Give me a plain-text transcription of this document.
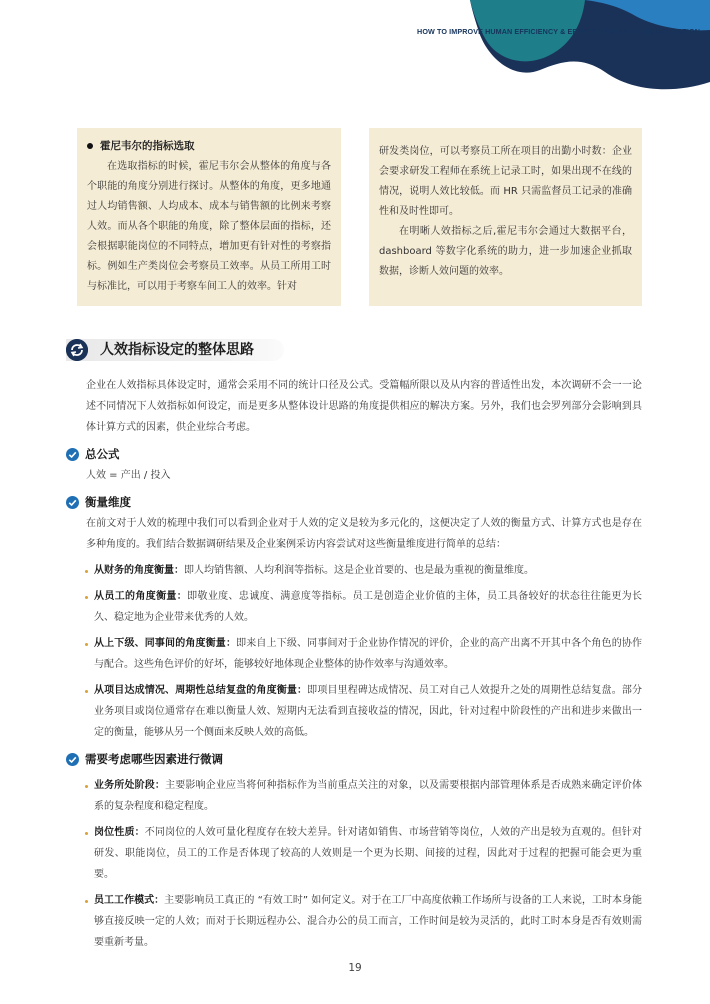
HOW TO IMPROVE HUMAN EFFICIENCY & EFFECTIVENESS BY DIGITALIZATION
霍尼韦尔的指标选取

在选取指标的时候，霍尼韦尔会从整体的角度与各个职能的角度分别进行探讨。从整体的角度，更多地通过人均销售额、人均成本、成本与销售额的比例来考察人效。而从各个职能的角度，除了整体层面的指标，还会根据职能岗位的不同特点，增加更有针对性的考察指标。例如生产类岗位会考察员工效率。从员工所用工时与标准比，可以用于考察车间工人的效率。针对

研发类岗位，可以考察员工所在项目的出勤小时数：企业会要求研发工程师在系统上记录工时，如果出现不在线的情况，说明人效比较低。而 HR 只需监督员工记录的准确性和及时性即可。

在明晰人效指标之后,霍尼韦尔会通过大数据平台，dashboard 等数字化系统的助力，进一步加速企业抓取数据，诊断人效问题的效率。

人效指标设定的整体思路

企业在人效指标具体设定时，通常会采用不同的统计口径及公式。受篇幅所限以及从内容的普适性出发，本次调研不会一一论述不同情况下人效指标如何设定，而是更多从整体设计思路的角度提供相应的解决方案。另外，我们也会罗列部分会影响到具体计算方式的因素，供企业综合考虑。

总公式

人效 = 产出 / 投入

衡量维度

在前文对于人效的梳理中我们可以看到企业对于人效的定义是较为多元化的，这便决定了人效的衡量方式、计算方式也是存在多种角度的。我们结合数据调研结果及企业案例采访内容尝试对这些衡量维度进行简单的总结：

从财务的角度衡量：即人均销售额、人均利润等指标。这是企业首要的、也是最为重视的衡量维度。
从员工的角度衡量：即敬业度、忠诚度、满意度等指标。员工是创造企业价值的主体，员工具备较好的状态往往能更为长久、稳定地为企业带来优秀的人效。
从上下级、同事间的角度衡量：即来自上下级、同事间对于企业协作情况的评价，企业的高产出离不开其中各个角色的协作与配合。这些角色评价的好坏，能够较好地体现企业整体的协作效率与沟通效率。
从项目达成情况、周期性总结复盘的角度衡量：即项目里程碑达成情况、员工对自己人效提升之处的周期性总结复盘。部分业务项目或岗位通常存在难以衡量人效、短期内无法看到直接收益的情况，因此，针对过程中阶段性的产出和进步来做出一定的衡量，能够从另一个侧面来反映人效的高低。
需要考虑哪些因素进行微调
业务所处阶段：主要影响企业应当将何种指标作为当前重点关注的对象，以及需要根据内部管理体系是否成熟来确定评价体系的复杂程度和稳定程度。
岗位性质：不同岗位的人效可量化程度存在较大差异。针对诸如销售、市场营销等岗位，人效的产出是较为直观的。但针对研发、职能岗位，员工的工作是否体现了较高的人效则是一个更为长期、间接的过程，因此对于过程的把握可能会更为重要。
员工工作模式：主要影响员工真正的 “有效工时” 如何定义。对于在工厂中高度依赖工作场所与设备的工人来说，工时本身能够直接反映一定的人效；而对于长期远程办公、混合办公的员工而言，工作时间是较为灵活的，此时工时本身是否有效则需要重新考量。
19
